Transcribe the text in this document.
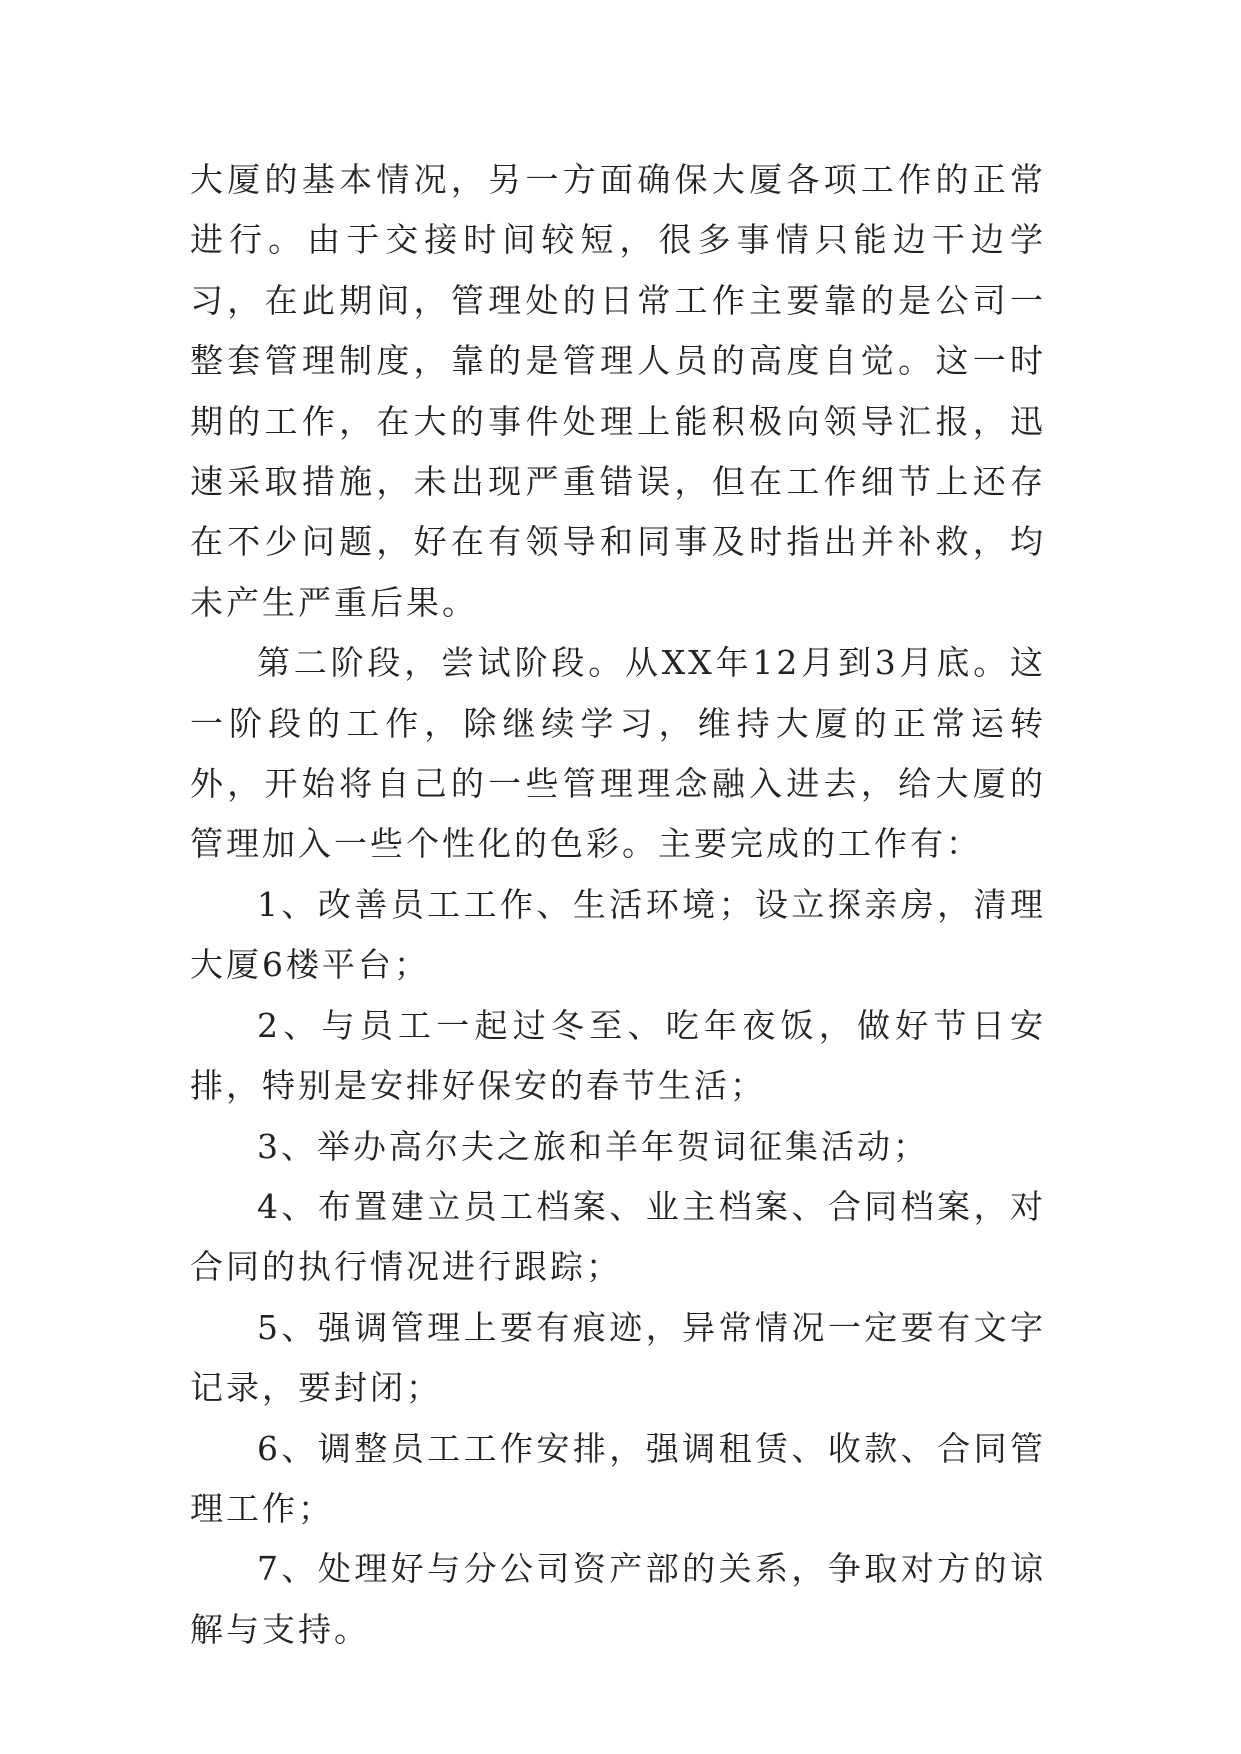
大厦的基本情况，另一方面确保大厦各项工作的正常进行。由于交接时间较短，很多事情只能边干边学习，在此期间，管理处的日常工作主要靠的是公司一整套管理制度，靠的是管理人员的高度自觉。这一时期的工作，在大的事件处理上能积极向领导汇报，迅速采取措施，未出现严重错误，但在工作细节上还存在不少问题，好在有领导和同事及时指出并补救，均未产生严重后果。

第二阶段，尝试阶段。从XX年12月到3月底。这一阶段的工作，除继续学习，维持大厦的正常运转外，开始将自己的一些管理理念融入进去，给大厦的管理加入一些个性化的色彩。主要完成的工作有：

1、改善员工工作、生活环境；设立探亲房，清理大厦6楼平台；

2、与员工一起过冬至、吃年夜饭，做好节日安排，特别是安排好保安的春节生活；

3、举办高尔夫之旅和羊年贺词征集活动；

4、布置建立员工档案、业主档案、合同档案，对合同的执行情况进行跟踪；

5、强调管理上要有痕迹，异常情况一定要有文字记录，要封闭；

6、调整员工工作安排，强调租赁、收款、合同管理工作；

7、处理好与分公司资产部的关系，争取对方的谅解与支持。
